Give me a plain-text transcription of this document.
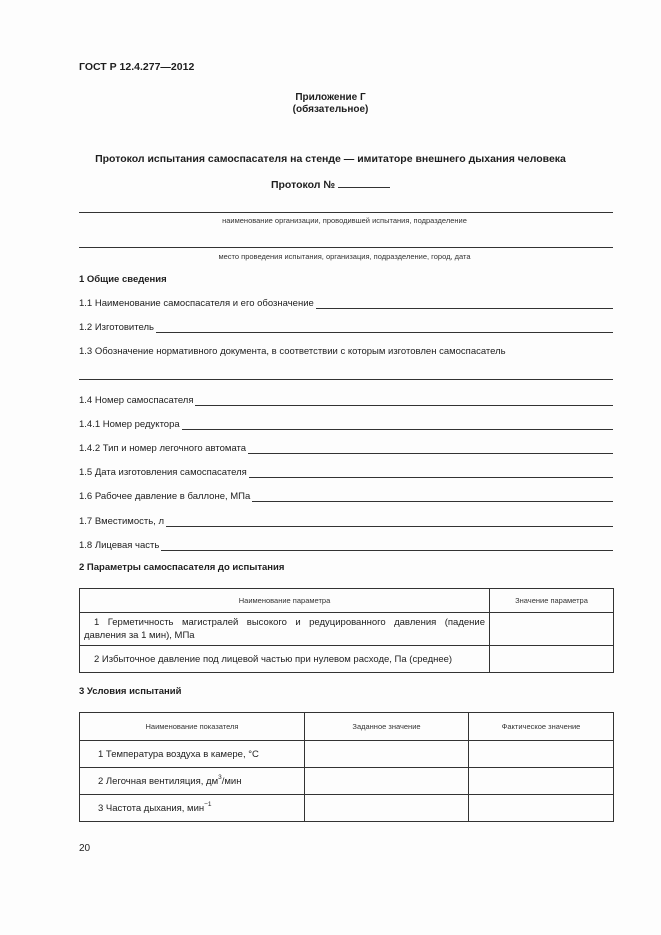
ГОСТ Р 12.4.277—2012
Приложение Г
(обязательное)
Протокол испытания самоспасателя на стенде — имитаторе внешнего дыхания человека
Протокол №
наименование организации, проводившей испытания, подразделение
место проведения испытания, организация, подразделение, город, дата
1 Общие сведения
1.1 Наименование самоспасателя и его обозначение
1.2 Изготовитель
1.3 Обозначение нормативного документа, в соответствии с которым изготовлен самоспасатель
1.4 Номер самоспасателя
1.4.1 Номер редуктора
1.4.2 Тип и номер легочного автомата
1.5 Дата изготовления самоспасателя
1.6 Рабочее давление в баллоне, МПа
1.7 Вместимость, л
1.8 Лицевая часть
2 Параметры самоспасателя до испытания
Наименование параметра	Значение параметра

1 Герметичность магистралей высокого и редуцированного давления (падение давления за 1 мин), МПа	

2 Избыточное давление под лицевой частью при нулевом расходе, Па (среднее)	

3 Условия испытаний
Наименование показателя	Заданное значение	Фактическое значение

1 Температура воздуха в камере, °С		

2 Легочная вентиляция, $дм^3$/мин		

3 Частота дыхания, мин$^{-1}$

20
